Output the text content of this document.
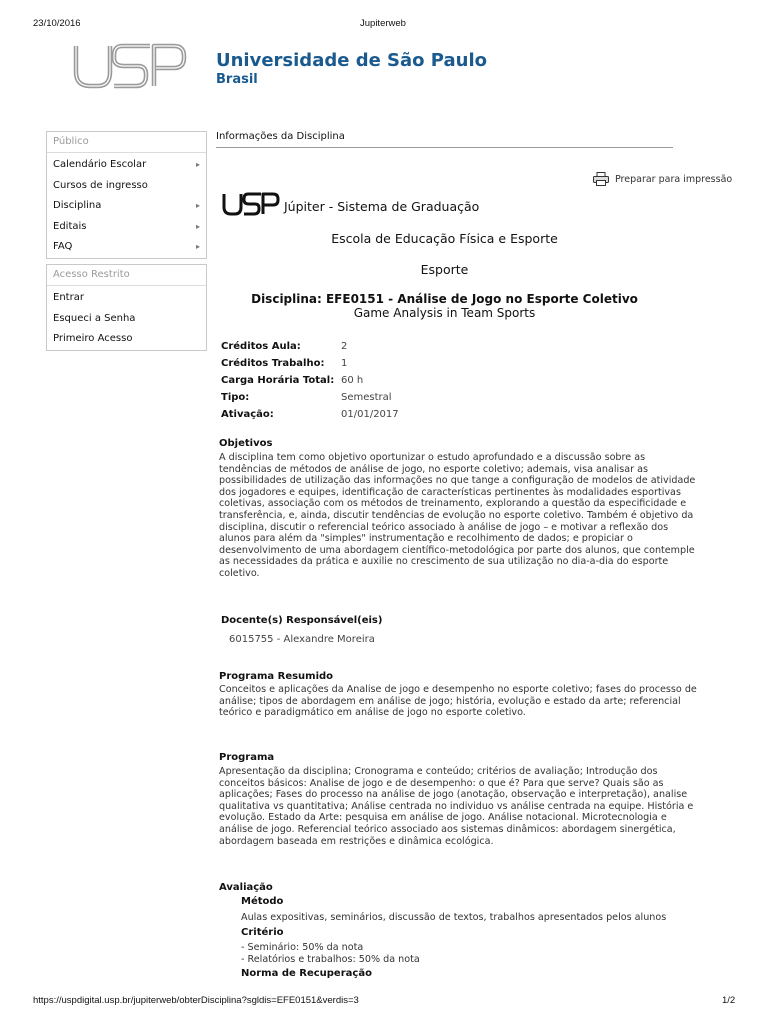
23/10/2016	Jupiterweb
Universidade de São Paulo
Brasil
Público
Calendário Escolar	▸
Cursos de ingresso
Disciplina	▸
Editais	▸
FAQ	▸
Acesso Restrito
Entrar
Esqueci a Senha
Primeiro Acesso
Informações da Disciplina
Preparar para impressão
Júpiter - Sistema de Graduação
Escola de Educação Física e Esporte
Esporte
Disciplina: EFE0151 - Análise de Jogo no Esporte Coletivo
Game Analysis in Team Sports
Créditos Aula:	2
Créditos Trabalho:	1
Carga Horária Total: 60 h
Tipo:	Semestral
Ativação:	01/01/2017
Objetivos
A disciplina tem como objetivo oportunizar o estudo aprofundado e a discussão sobre as
tendências de métodos de análise de jogo, no esporte coletivo; ademais, visa analisar as
possibilidades de utilização das informações no que tange a configuração de modelos de atividade
dos jogadores e equipes, identificação de características pertinentes às modalidades esportivas
coletivas, associação com os métodos de treinamento, explorando a questão da especificidade e
transferência, e, ainda, discutir tendências de evolução no esporte coletivo. Também é objetivo da
disciplina, discutir o referencial teórico associado à análise de jogo – e motivar a reflexão dos
alunos para além da "simples" instrumentação e recolhimento de dados; e propiciar o
desenvolvimento de uma abordagem científico-metodológica por parte dos alunos, que contemple
as necessidades da prática e auxilie no crescimento de sua utilização no dia-a-dia do esporte
coletivo.
Docente(s) Responsável(eis)
6015755 - Alexandre Moreira
Programa Resumido
Conceitos e aplicações da Analise de jogo e desempenho no esporte coletivo; fases do processo de
análise; tipos de abordagem em análise de jogo; história, evolução e estado da arte; referencial
teórico e paradigmático em análise de jogo no esporte coletivo.
Programa
Apresentação da disciplina; Cronograma e conteúdo; critérios de avaliação; Introdução dos
conceitos básicos: Analise de jogo e de desempenho: o que é? Para que serve? Quais são as
aplicações; Fases do processo na análise de jogo (anotação, observação e interpretação), analise
qualitativa vs quantitativa; Análise centrada no individuo vs análise centrada na equipe. História e
evolução. Estado da Arte: pesquisa em análise de jogo. Análise notacional. Microtecnologia e
análise de jogo. Referencial teórico associado aos sistemas dinâmicos: abordagem sinergética,
abordagem baseada em restrições e dinâmica ecológica.
Avaliação
Método
Aulas expositivas, seminários, discussão de textos, trabalhos apresentados pelos alunos
Critério
- Seminário: 50% da nota
- Relatórios e trabalhos: 50% da nota
Norma de Recuperação
https://uspdigital.usp.br/jupiterweb/obterDisciplina?sgldis=EFE0151&verdis=3	1/2
